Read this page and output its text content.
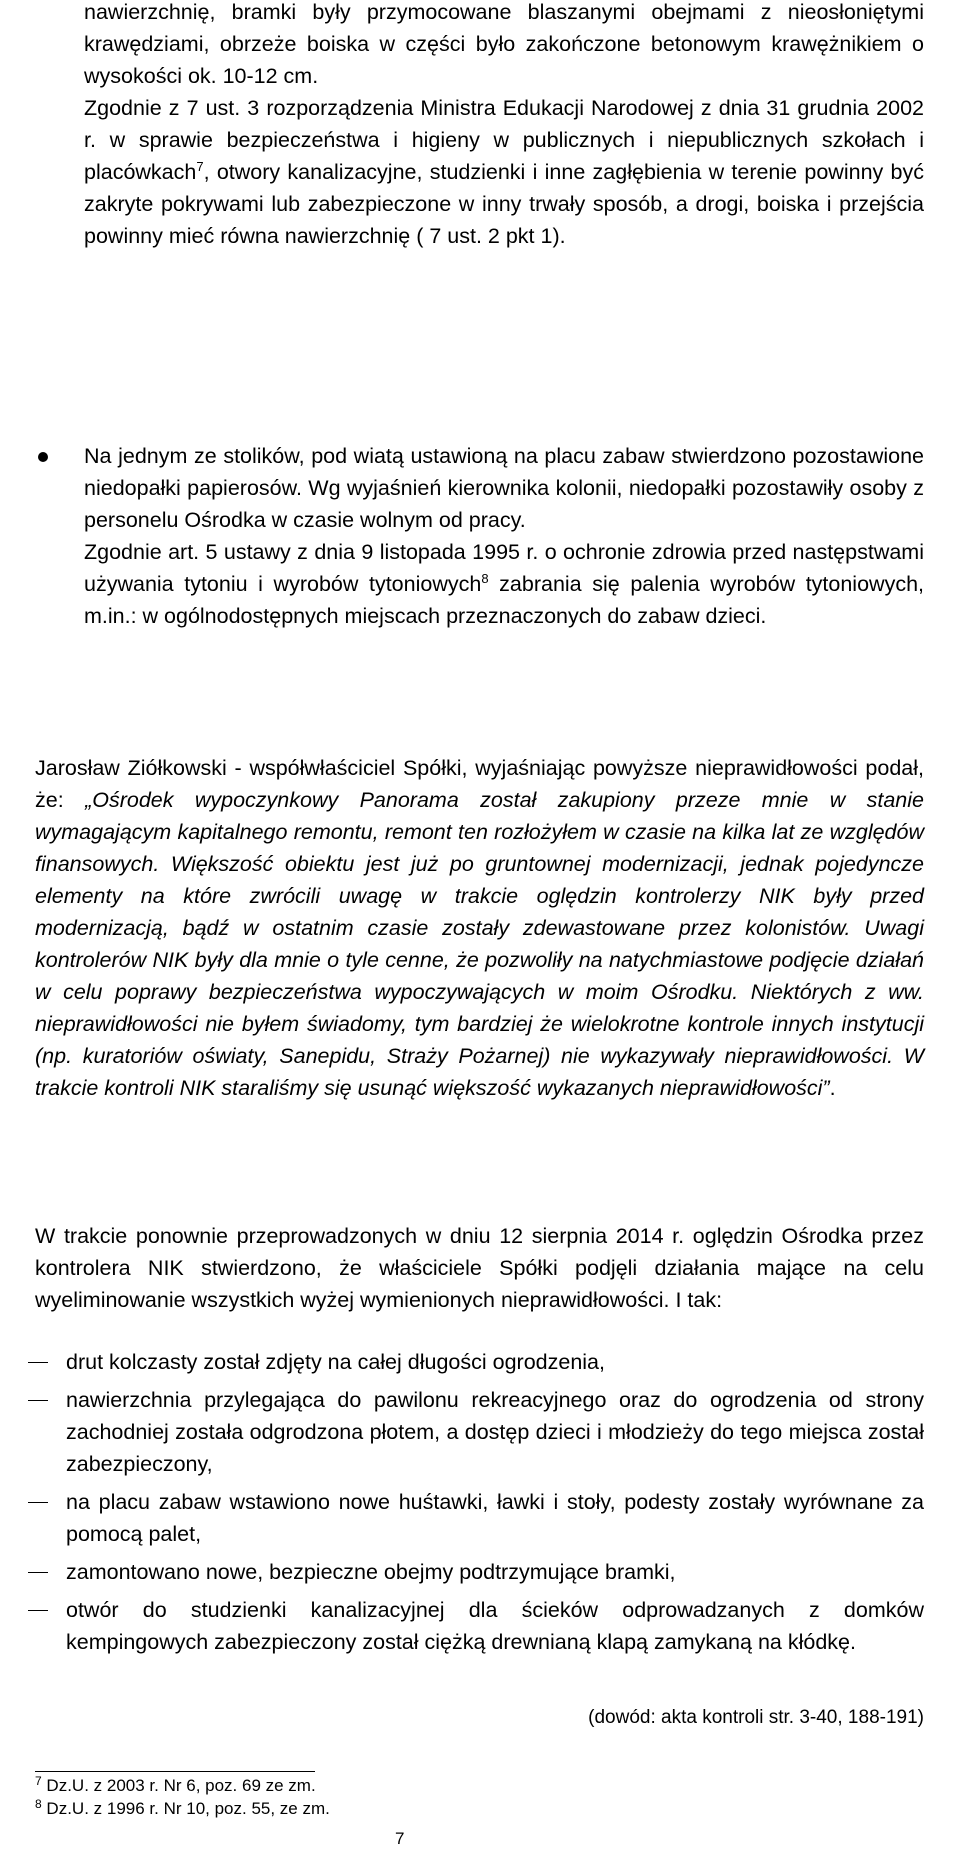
nawierzchnię, bramki były przymocowane blaszanymi obejmami z nieosłoniętymi krawędziami, obrzeże boiska w części było zakończone betonowym krawężnikiem o wysokości ok. 10-12 cm.

Zgodnie z 7 ust. 3 rozporządzenia Ministra Edukacji Narodowej z dnia 31 grudnia 2002 r. w sprawie bezpieczeństwa i higieny w publicznych i niepublicznych szkołach i placówkach$^7$, otwory kanalizacyjne, studzienki i inne zagłębienia w terenie powinny być zakryte pokrywami lub zabezpieczone w inny trwały sposób, a drogi, boiska i przejścia powinny mieć równa nawierzchnię ( 7 ust. 2 pkt 1).

Na jednym ze stolików, pod wiatą ustawioną na placu zabaw stwierdzono pozostawione niedopałki papierosów. Wg wyjaśnień kierownika kolonii, niedopałki pozostawiły osoby z personelu Ośrodka w czasie wolnym od pracy.

Zgodnie art. 5 ustawy z dnia 9 listopada 1995 r. o ochronie zdrowia przed następstwami używania tytoniu i wyrobów tytoniowych$^8$ zabrania się palenia wyrobów tytoniowych, m.in.: w ogólnodostępnych miejscach przeznaczonych do zabaw dzieci.

Jarosław Ziółkowski - współwłaściciel Spółki, wyjaśniając powyższe nieprawidłowości podał, że: „Ośrodek wypoczynkowy Panorama został zakupiony przeze mnie w stanie wymagającym kapitalnego remontu, remont ten rozłożyłem w czasie na kilka lat ze względów finansowych. Większość obiektu jest już po gruntownej modernizacji, jednak pojedyncze elementy na które zwrócili uwagę w trakcie oględzin kontrolerzy NIK były przed modernizacją, bądź w ostatnim czasie zostały zdewastowane przez kolonistów. Uwagi kontrolerów NIK były dla mnie o tyle cenne, że pozwoliły na natychmiastowe podjęcie działań w celu poprawy bezpieczeństwa wypoczywających w moim Ośrodku. Niektórych z ww. nieprawidłowości nie byłem świadomy, tym bardziej że wielokrotne kontrole innych instytucji (np. kuratoriów oświaty, Sanepidu, Straży Pożarnej) nie wykazywały nieprawidłowości. W trakcie kontroli NIK staraliśmy się usunąć większość wykazanych nieprawidłowości”.

W trakcie ponownie przeprowadzonych w dniu 12 sierpnia 2014 r. oględzin Ośrodka przez kontrolera NIK stwierdzono, że właściciele Spółki podjęli działania mające na celu wyeliminowanie wszystkich wyżej wymienionych nieprawidłowości. I tak:

drut kolczasty został zdjęty na całej długości ogrodzenia,

nawierzchnia przylegająca do pawilonu rekreacyjnego oraz do ogrodzenia od strony zachodniej została odgrodzona płotem, a dostęp dzieci i młodzieży do tego miejsca został zabezpieczony,

na placu zabaw wstawiono nowe huśtawki, ławki i stoły, podesty zostały wyrównane za pomocą palet,

zamontowano nowe, bezpieczne obejmy podtrzymujące bramki,

otwór do studzienki kanalizacyjnej dla ścieków odprowadzanych z domków kempingowych zabezpieczony został ciężką drewnianą klapą zamykaną na kłódkę.

(dowód: akta kontroli str. 3-40, 188-191)
$^7$ Dz.U. z 2003 r. Nr 6, poz. 69 ze zm.
$^8$ Dz.U. z 1996 r. Nr 10, poz. 55, ze zm.
7
